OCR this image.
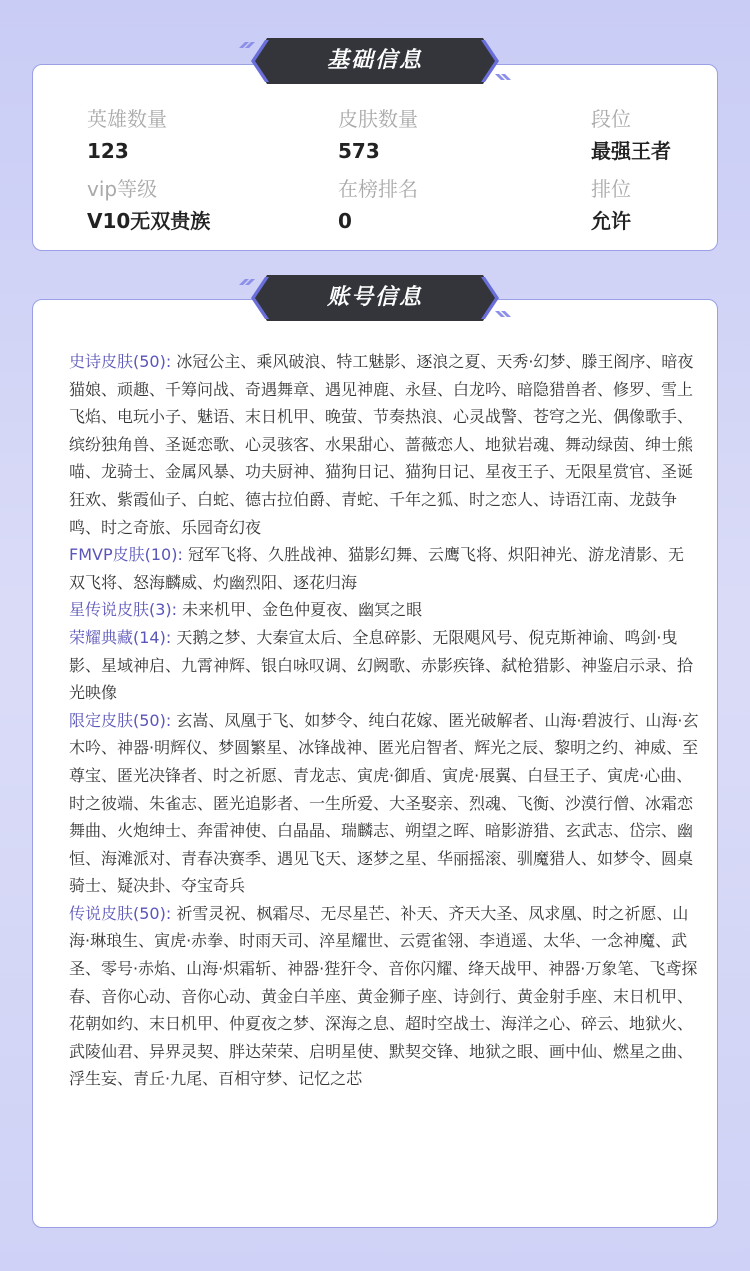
英雄数量
123
皮肤数量
573
段位
最强王者
vip等级
V10无双贵族
在榜排名
0
排位
允许
基础信息
史诗皮肤(50): 冰冠公主、乘风破浪、特工魅影、逐浪之夏、天秀·幻梦、滕王阁序、暗夜猫娘、顽趣、千筹问战、奇遇舞章、遇见神鹿、永昼、白龙吟、暗隐猎兽者、修罗、雪上飞焰、电玩小子、魅语、末日机甲、晚萤、节奏热浪、心灵战警、苍穹之光、偶像歌手、缤纷独角兽、圣诞恋歌、心灵骇客、水果甜心、蔷薇恋人、地狱岩魂、舞动绿茵、绅士熊喵、龙骑士、金属风暴、功夫厨神、猫狗日记、猫狗日记、星夜王子、无限星赏官、圣诞狂欢、紫霞仙子、白蛇、德古拉伯爵、青蛇、千年之狐、时之恋人、诗语江南、龙鼓争鸣、时之奇旅、乐园奇幻夜
FMVP皮肤(10): 冠军飞将、久胜战神、猫影幻舞、云鹰飞将、炽阳神光、游龙清影、无双飞将、怒海麟威、灼幽烈阳、逐花归海
星传说皮肤(3): 未来机甲、金色仲夏夜、幽冥之眼
荣耀典藏(14): 天鹅之梦、大秦宣太后、全息碎影、无限飓风号、倪克斯神谕、鸣剑·曳影、星域神启、九霄神辉、银白咏叹调、幻阙歌、赤影疾锋、弑枪猎影、神鉴启示录、拾光映像
限定皮肤(50): 玄嵩、凤凰于飞、如梦令、纯白花嫁、匿光破解者、山海·碧波行、山海·玄木吟、神器·明辉仪、梦圆繁星、冰锋战神、匿光启智者、辉光之辰、黎明之约、神威、至尊宝、匿光决锋者、时之祈愿、青龙志、寅虎·御盾、寅虎·展翼、白昼王子、寅虎·心曲、时之彼端、朱雀志、匿光追影者、一生所爱、大圣娶亲、烈魂、飞衡、沙漠行僧、冰霜恋舞曲、火炮绅士、奔雷神使、白晶晶、瑞麟志、朔望之晖、暗影游猎、玄武志、岱宗、幽恒、海滩派对、青春决赛季、遇见飞天、逐梦之星、华丽摇滚、驯魔猎人、如梦令、圆桌骑士、疑决卦、夺宝奇兵
传说皮肤(50): 祈雪灵祝、枫霜尽、无尽星芒、补天、齐天大圣、凤求凰、时之祈愿、山海·琳琅生、寅虎·赤拳、时雨天司、淬星耀世、云霓雀翎、李逍遥、太华、一念神魔、武圣、零号·赤焰、山海·炽霜斩、神器·狴犴令、音你闪耀、绛天战甲、神器·万象笔、飞鸢探春、音你心动、音你心动、黄金白羊座、黄金狮子座、诗剑行、黄金射手座、末日机甲、花朝如约、末日机甲、仲夏夜之梦、深海之息、超时空战士、海洋之心、碎云、地狱火、武陵仙君、异界灵契、胖达荣荣、启明星使、默契交锋、地狱之眼、画中仙、燃星之曲、浮生妄、青丘·九尾、百相守梦、记忆之芯
账号信息
